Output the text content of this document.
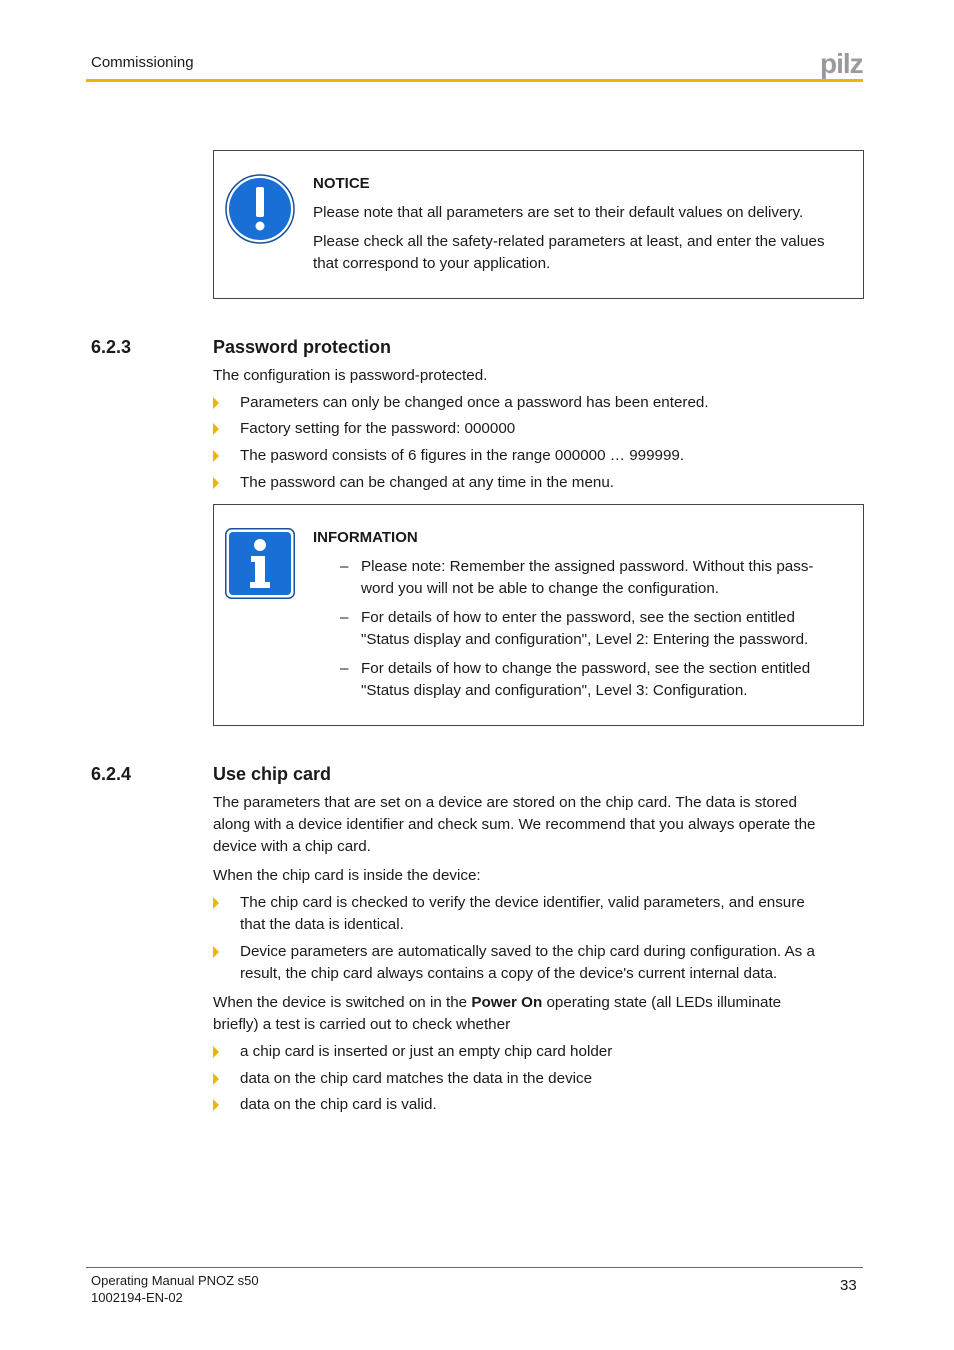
Commissioning	pilz
NOTICE
Please note that all parameters are set to their default values on delivery.
Please check all the safety-related parameters at least, and enter the values
that correspond to your application.
6.2.3	Password protection
The configuration is password-protected.
Parameters can only be changed once a password has been entered.
Factory setting for the password: 000000
The pasword consists of 6 figures in the range 000000 … 999999.
The password can be changed at any time in the menu.
INFORMATION
– Please note: Remember the assigned password. Without this pass-
word you will not be able to change the configuration.
– For details of how to enter the password, see the section entitled
"Status display and configuration", Level 2: Entering the password.
– For details of how to change the password, see the section entitled
"Status display and configuration", Level 3: Configuration.
6.2.4	Use chip card
The parameters that are set on a device are stored on the chip card. The data is stored
along with a device identifier and check sum. We recommend that you always operate the
device with a chip card.
When the chip card is inside the device:
The chip card is checked to verify the device identifier, valid parameters, and ensure
that the data is identical.
Device parameters are automatically saved to the chip card during configuration. As a
result, the chip card always contains a copy of the device's current internal data.
When the device is switched on in the Power On operating state (all LEDs illuminate
briefly) a test is carried out to check whether
a chip card is inserted or just an empty chip card holder
data on the chip card matches the data in the device
data on the chip card is valid.
Operating Manual PNOZ s50
1002194-EN-02
33
